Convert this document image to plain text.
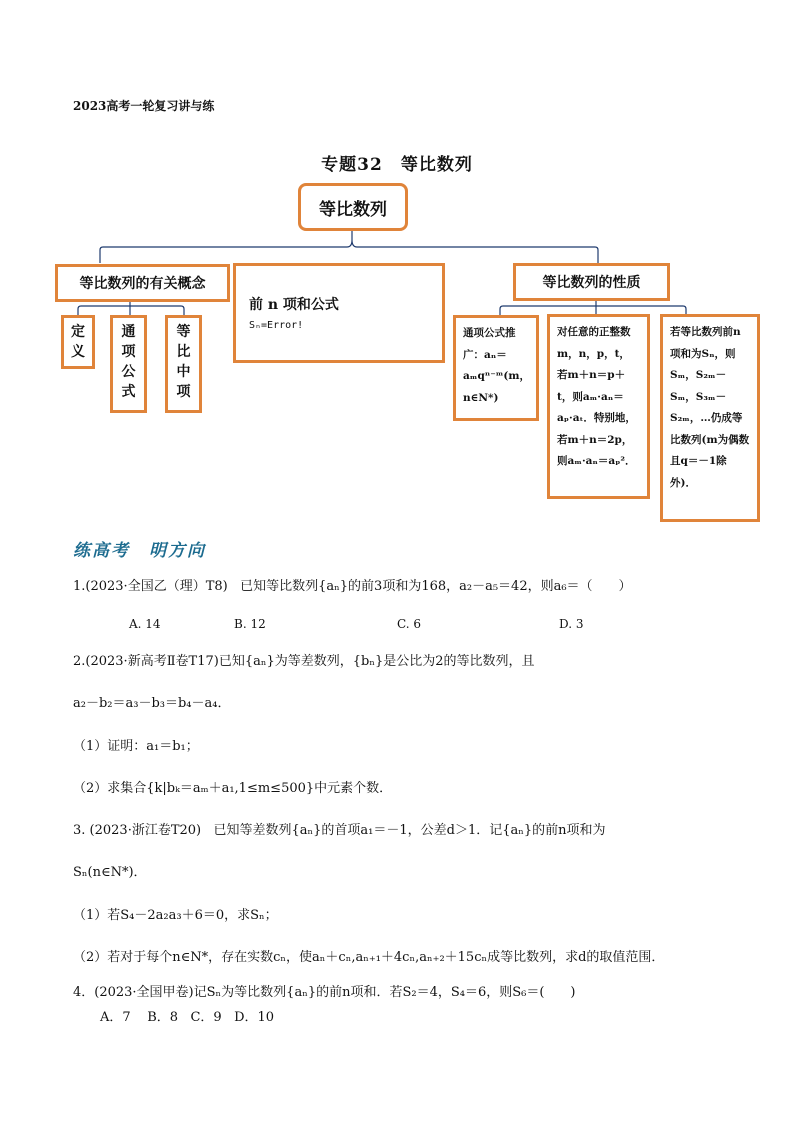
2023高考一轮复习讲与练
专题32　等比数列
等比数列
等比数列的有关概念
前 n 项和公式
Sₙ=Error!
等比数列的性质
定义
通项公式
等比中项
通项公式推广：aₙ＝aₘqⁿ⁻ᵐ(m，n∈N*)
对任意的正整数m，n，p，t，若m＋n＝p＋t，则aₘ·aₙ＝aₚ·aₜ．特别地，若m＋n＝2p，则aₘ·aₙ＝aₚ²．
若等比数列前n项和为Sₙ，则Sₘ，S₂ₘ－Sₘ，S₃ₘ－S₂ₘ，…仍成等比数列(m为偶数且q＝－1除外)．
练高考　明方向
1.(2023·全国乙（理）T8) 已知等比数列{aₙ}的前3项和为168，a₂－a₅＝42，则a₆＝（　　）
A. 14	B. 12	C. 6	D. 3
2.(2023·新高考Ⅱ卷T17)已知{aₙ}为等差数列，{bₙ}是公比为2的等比数列，且
a₂－b₂＝a₃－b₃＝b₄－a₄．
（1）证明：a₁＝b₁；
（2）求集合{k|bₖ＝aₘ＋a₁,1≤m≤500}中元素个数．
3. (2023·浙江卷T20) 已知等差数列{aₙ}的首项a₁＝－1，公差d＞1．记{aₙ}的前n项和为
Sₙ(n∈N*)．
（1）若S₄－2a₂a₃＋6＝0，求Sₙ；
（2）若对于每个n∈N*，存在实数cₙ，使aₙ＋cₙ,aₙ₊₁＋4cₙ,aₙ₊₂＋15cₙ成等比数列，求d的取值范围．
4．(2023·全国甲卷)记Sₙ为等比数列{aₙ}的前n项和．若S₂＝4，S₄＝6，则S₆＝(　　)
A．7 B．8 C．9 D．10
